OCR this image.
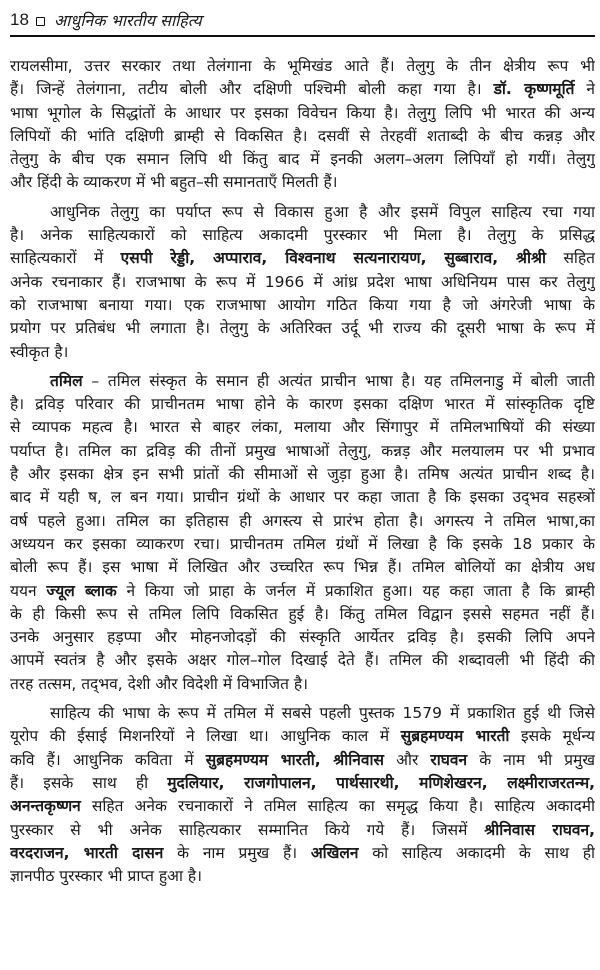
18 आधुनिक भारतीय साहित्य
रायलसीमा, उत्तर सरकार तथा तेलंगाना के भूमिखंड आते हैं। तेलुगु के तीन क्षेत्रीय रूप भी
हैं। जिन्हें तेलंगाना, तटीय बोली और दक्षिणी पश्चिमी बोली कहा गया है। डॉ. कृष्णमूर्ति ने
भाषा भूगोल के सिद्धांतों के आधार पर इसका विवेचन किया है। तेलुगु लिपि भी भारत की अन्य
लिपियों की भांति दक्षिणी ब्राम्ही से विकसित है। दसवीं से तेरहवीं शताब्दी के बीच कन्नड़ और
तेलुगु के बीच एक समान लिपि थी किंतु बाद में इनकी अलग–अलग लिपियाँ हो गयीं। तेलुगु
और हिंदी के व्याकरण में भी बहुत–सी समानताएँ मिलती हैं।
आधुनिक तेलुगु का पर्याप्त रूप से विकास हुआ है और इसमें विपुल साहित्य रचा गया
है। अनेक साहित्यकारों को साहित्य अकादमी पुरस्कार भी मिला है। तेलुगु के प्रसिद्ध
साहित्यकारों में एसपी रेड्डी, अप्पाराव, विश्वनाथ सत्यनारायण, सुब्बाराव, श्रीश्री सहित
अनेक रचनाकार हैं। राजभाषा के रूप में 1966 में आंध्र प्रदेश भाषा अधिनियम पास कर तेलुगु
को राजभाषा बनाया गया। एक राजभाषा आयोग गठित किया गया है जो अंगरेजी भाषा के
प्रयोग पर प्रतिबंध भी लगाता है। तेलुगु के अतिरिक्त उर्दू भी राज्य की दूसरी भाषा के रूप में
स्वीकृत है।
तमिल – तमिल संस्कृत के समान ही अत्यंत प्राचीन भाषा है। यह तमिलनाडु में बोली जाती
है। द्रविड़ परिवार की प्राचीनतम भाषा होने के कारण इसका दक्षिण भारत में सांस्कृतिक दृष्टि
से व्यापक महत्व है। भारत से बाहर लंका, मलाया और सिंगापुर में तमिलभाषियों की संख्या
पर्याप्त है। तमिल का द्रविड़ की तीनों प्रमुख भाषाओं तेलुगु, कन्नड़ और मलयालम पर भी प्रभाव
है और इसका क्षेत्र इन सभी प्रांतों की सीमाओं से जुड़ा हुआ है। तमिष अत्यंत प्राचीन शब्द है।
बाद में यही ष, ल बन गया। प्राचीन ग्रंथों के आधार पर कहा जाता है कि इसका उद्‌भव सहस्त्रों
वर्ष पहले हुआ। तमिल का इतिहास ही अगस्त्य से प्रारंभ होता है। अगस्त्य ने तमिल भाषा,का
अध्ययन कर इसका व्याकरण रचा। प्राचीनतम तमिल ग्रंथों में लिखा है कि इसके 18 प्रकार के
बोली रूप हैं। इस भाषा में लिखित और उच्चरित रूप भिन्न हैं। तमिल बोलियों का क्षेत्रीय अध
ययन ज्यूल ब्लाक ने किया जो प्राहा के जर्नल में प्रकाशित हुआ। यह कहा जाता है कि ब्राम्ही
के ही किसी रूप से तमिल लिपि विकसित हुई है। किंतु तमिल विद्वान इससे सहमत नहीं हैं।
उनके अनुसार हड़प्पा और मोहनजोदड़ों की संस्कृति आर्येतर द्रविड़ है। इसकी लिपि अपने
आपमें स्वतंत्र है और इसके अक्षर गोल–गोल दिखाई देते हैं। तमिल की शब्दावली भी हिंदी की
तरह तत्सम, तद्‌भव, देशी और विदेशी में विभाजित है।
साहित्य की भाषा के रूप में तमिल में सबसे पहली पुस्तक 1579 में प्रकाशित हुई थी जिसे
यूरोप की ईसाई मिशनरियों ने लिखा था। आधुनिक काल में सुब्रहमण्यम भारती इसके मूर्धन्य
कवि हैं। आधुनिक कविता में सुब्रहमण्यम भारती, श्रीनिवास और राघवन के नाम भी प्रमुख
हैं। इसके साथ ही मुदलियार, राजगोपालन, पार्थसारथी, मणिशेखरन, लक्ष्मीराजरतन्म,
अनन्तकृष्णन सहित अनेक रचनाकारों ने तमिल साहित्य का समृद्ध किया है। साहित्य अकादमी
पुरस्कार से भी अनेक साहित्यकार सम्मानित किये गये हैं। जिसमें श्रीनिवास राघवन,
वरदराजन, भारती दासन के नाम प्रमुख हैं। अखिलन को साहित्य अकादमी के साथ ही
ज्ञानपीठ पुरस्कार भी प्राप्त हुआ है।
